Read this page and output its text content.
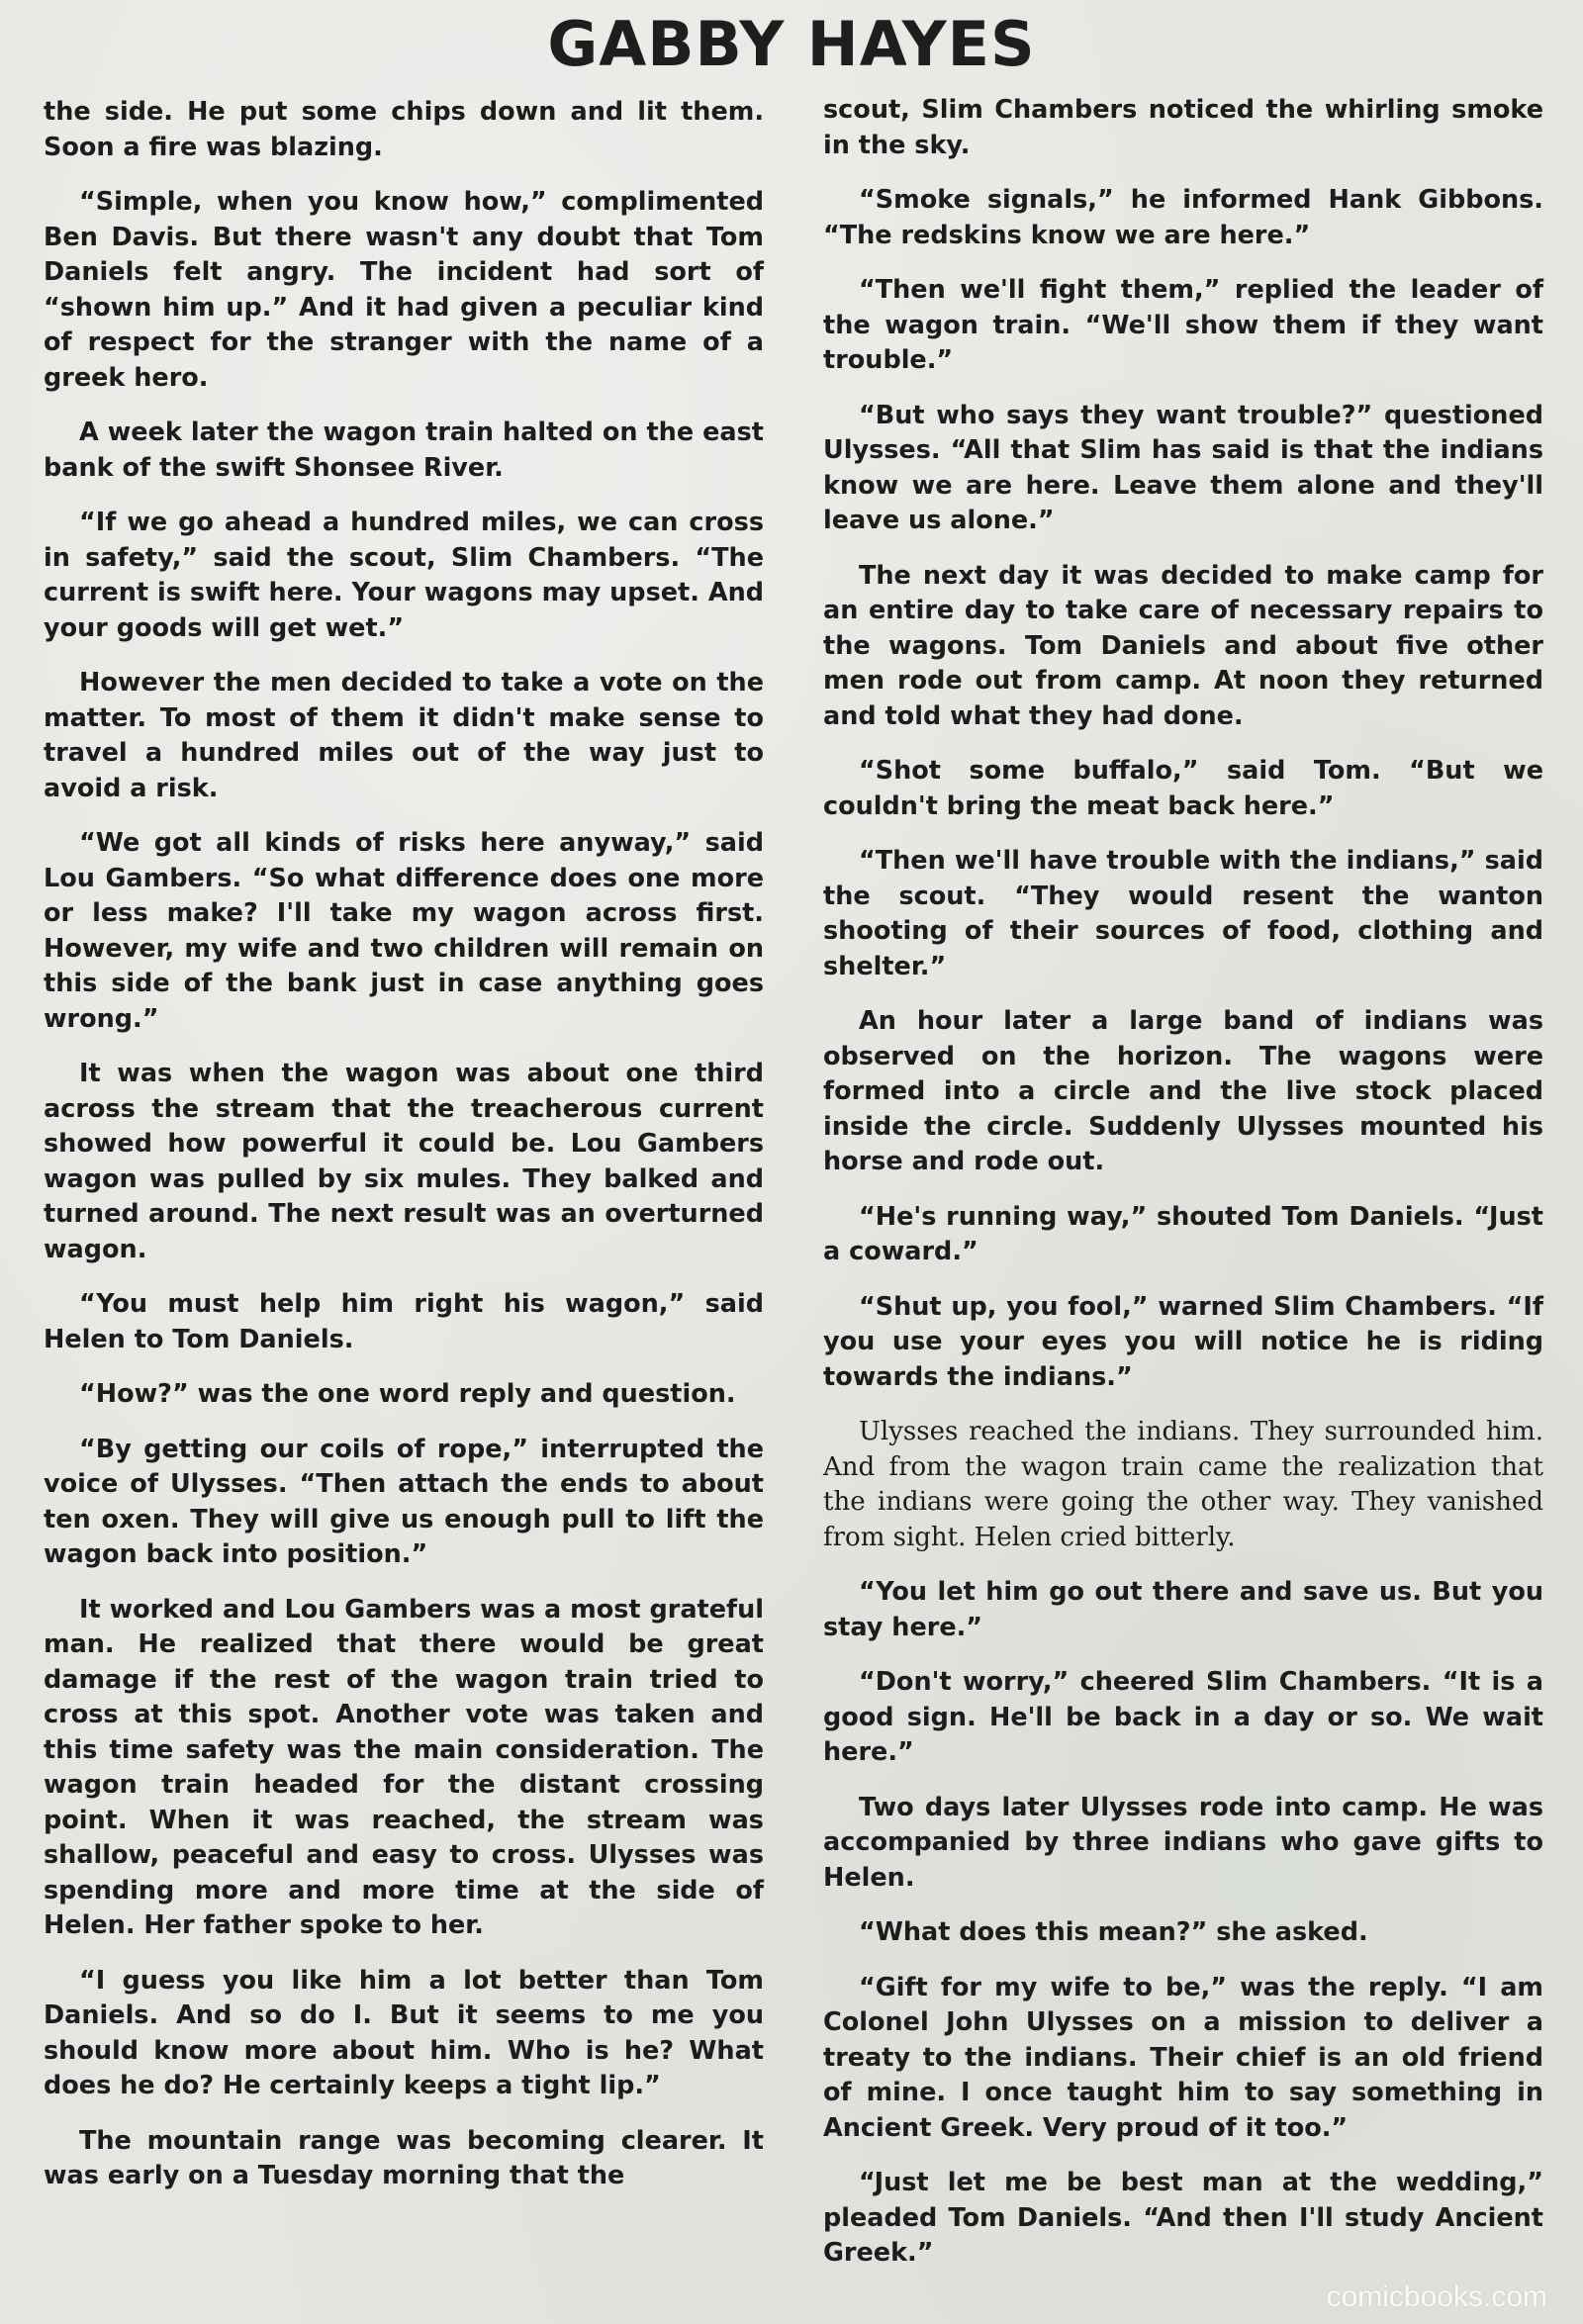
GABBY HAYES

the side. He put some chips down and lit them. Soon a fire was blazing.

“Simple, when you know how,” complimented Ben Davis. But there wasn't any doubt that Tom Daniels felt angry. The incident had sort of “shown him up.” And it had given a peculiar kind of respect for the stranger with the name of a greek hero.

A week later the wagon train halted on the east bank of the swift Shonsee River.

“If we go ahead a hundred miles, we can cross in safety,” said the scout, Slim Chambers. “The current is swift here. Your wagons may upset. And your goods will get wet.”

However the men decided to take a vote on the matter. To most of them it didn't make sense to travel a hundred miles out of the way just to avoid a risk.

“We got all kinds of risks here anyway,” said Lou Gambers. “So what difference does one more or less make? I'll take my wagon across first. However, my wife and two children will remain on this side of the bank just in case anything goes wrong.”

It was when the wagon was about one third across the stream that the treacherous current showed how powerful it could be. Lou Gambers wagon was pulled by six mules. They balked and turned around. The next result was an overturned wagon.

“You must help him right his wagon,” said Helen to Tom Daniels.

“How?” was the one word reply and question.

“By getting our coils of rope,” interrupted the voice of Ulysses. “Then attach the ends to about ten oxen. They will give us enough pull to lift the wagon back into position.”

It worked and Lou Gambers was a most grateful man. He realized that there would be great damage if the rest of the wagon train tried to cross at this spot. Another vote was taken and this time safety was the main consideration. The wagon train headed for the distant crossing point. When it was reached, the stream was shallow, peaceful and easy to cross. Ulysses was spending more and more time at the side of Helen. Her father spoke to her.

“I guess you like him a lot better than Tom Daniels. And so do I. But it seems to me you should know more about him. Who is he? What does he do? He certainly keeps a tight lip.”

The mountain range was becoming clearer. It was early on a Tuesday morning that the

scout, Slim Chambers noticed the whirling smoke in the sky.

“Smoke signals,” he informed Hank Gibbons. “The redskins know we are here.”

“Then we'll fight them,” replied the leader of the wagon train. “We'll show them if they want trouble.”

“But who says they want trouble?” questioned Ulysses. “All that Slim has said is that the indians know we are here. Leave them alone and they'll leave us alone.”

The next day it was decided to make camp for an entire day to take care of necessary repairs to the wagons. Tom Daniels and about five other men rode out from camp. At noon they returned and told what they had done.

“Shot some buffalo,” said Tom. “But we couldn't bring the meat back here.”

“Then we'll have trouble with the indians,” said the scout. “They would resent the wanton shooting of their sources of food, clothing and shelter.”

An hour later a large band of indians was observed on the horizon. The wagons were formed into a circle and the live stock placed inside the circle. Suddenly Ulysses mounted his horse and rode out.

“He's running way,” shouted Tom Daniels. “Just a coward.”

“Shut up, you fool,” warned Slim Chambers. “If you use your eyes you will notice he is riding towards the indians.”

Ulysses reached the indians. They surrounded him. And from the wagon train came the realization that the indians were going the other way. They vanished from sight. Helen cried bitterly.

“You let him go out there and save us. But you stay here.”

“Don't worry,” cheered Slim Chambers. “It is a good sign. He'll be back in a day or so. We wait here.”

Two days later Ulysses rode into camp. He was accompanied by three indians who gave gifts to Helen.

“What does this mean?” she asked.

“Gift for my wife to be,” was the reply. “I am Colonel John Ulysses on a mission to deliver a treaty to the indians. Their chief is an old friend of mine. I once taught him to say something in Ancient Greek. Very proud of it too.”

“Just let me be best man at the wedding,” pleaded Tom Daniels. “And then I'll study Ancient Greek.”

comicbooks.com
